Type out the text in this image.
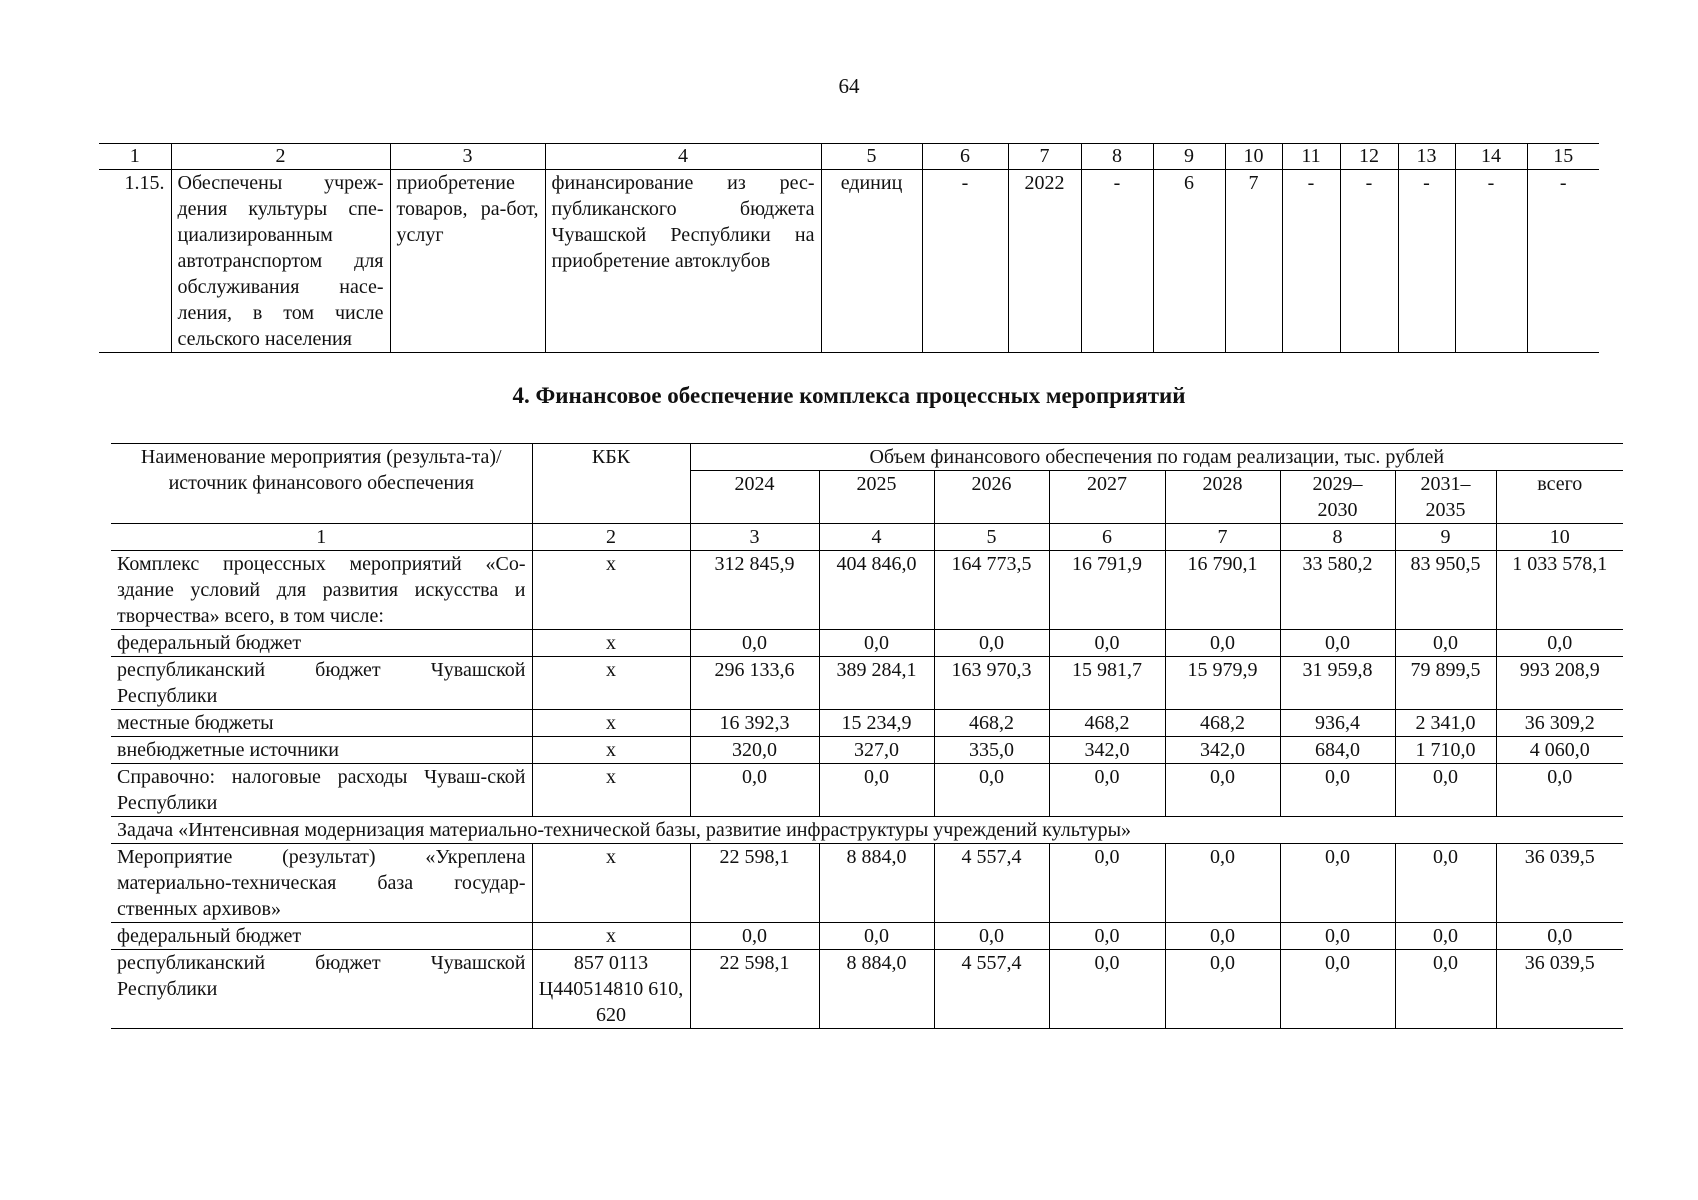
64
1	2	3	4	5	6	7	8	9	10	11	12	13	14	15
1.15.	Обеспечены учреж-дения культуры спе-циализированным автотранспортом для обслуживания насе-ления, в том числе сельского населения	приобретение товаров, ра-бот, услуг	финансирование из рес-публиканского бюджета Чувашской Республики на приобретение автоклубов	единиц	-	2022	-	6	7	-	-	-	-	-
4. Финансовое обеспечение комплекса процессных мероприятий
Наименование мероприятия (результа-та)/источник финансового обеспечения	КБК	Объем финансового обеспечения по годам реализации, тыс. рублей							
		2024	2025	2026	2027	2028	2029–2030	2031–2035	всего
1	2	3	4	5	6	7	8	9	10
Комплекс процессных мероприятий «Со-здание условий для развития искусства и творчества» всего, в том числе:	x	312 845,9	404 846,0	164 773,5	16 791,9	16 790,1	33 580,2	83 950,5	1 033 578,1
федеральный бюджет	x	0,0	0,0	0,0	0,0	0,0	0,0	0,0	0,0
республиканский бюджет Чувашской Республики	x	296 133,6	389 284,1	163 970,3	15 981,7	15 979,9	31 959,8	79 899,5	993 208,9
местные бюджеты	x	16 392,3	15 234,9	468,2	468,2	468,2	936,4	2 341,0	36 309,2
внебюджетные источники	x	320,0	327,0	335,0	342,0	342,0	684,0	1 710,0	4 060,0
Справочно: налоговые расходы Чуваш-ской Республики	x	0,0	0,0	0,0	0,0	0,0	0,0	0,0	0,0
Задача «Интенсивная модернизация материально-технической базы, развитие инфраструктуры учреждений культуры»									
Мероприятие (результат) «Укреплена материально-техническая база государ-ственных архивов»	x	22 598,1	8 884,0	4 557,4	0,0	0,0	0,0	0,0	36 039,5
федеральный бюджет	x	0,0	0,0	0,0	0,0	0,0	0,0	0,0	0,0
республиканский бюджет Чувашской Республики	857 0113 Ц440514810 610, 620	22 598,1	8 884,0	4 557,4	0,0	0,0	0,0	0,0	36 039,5
